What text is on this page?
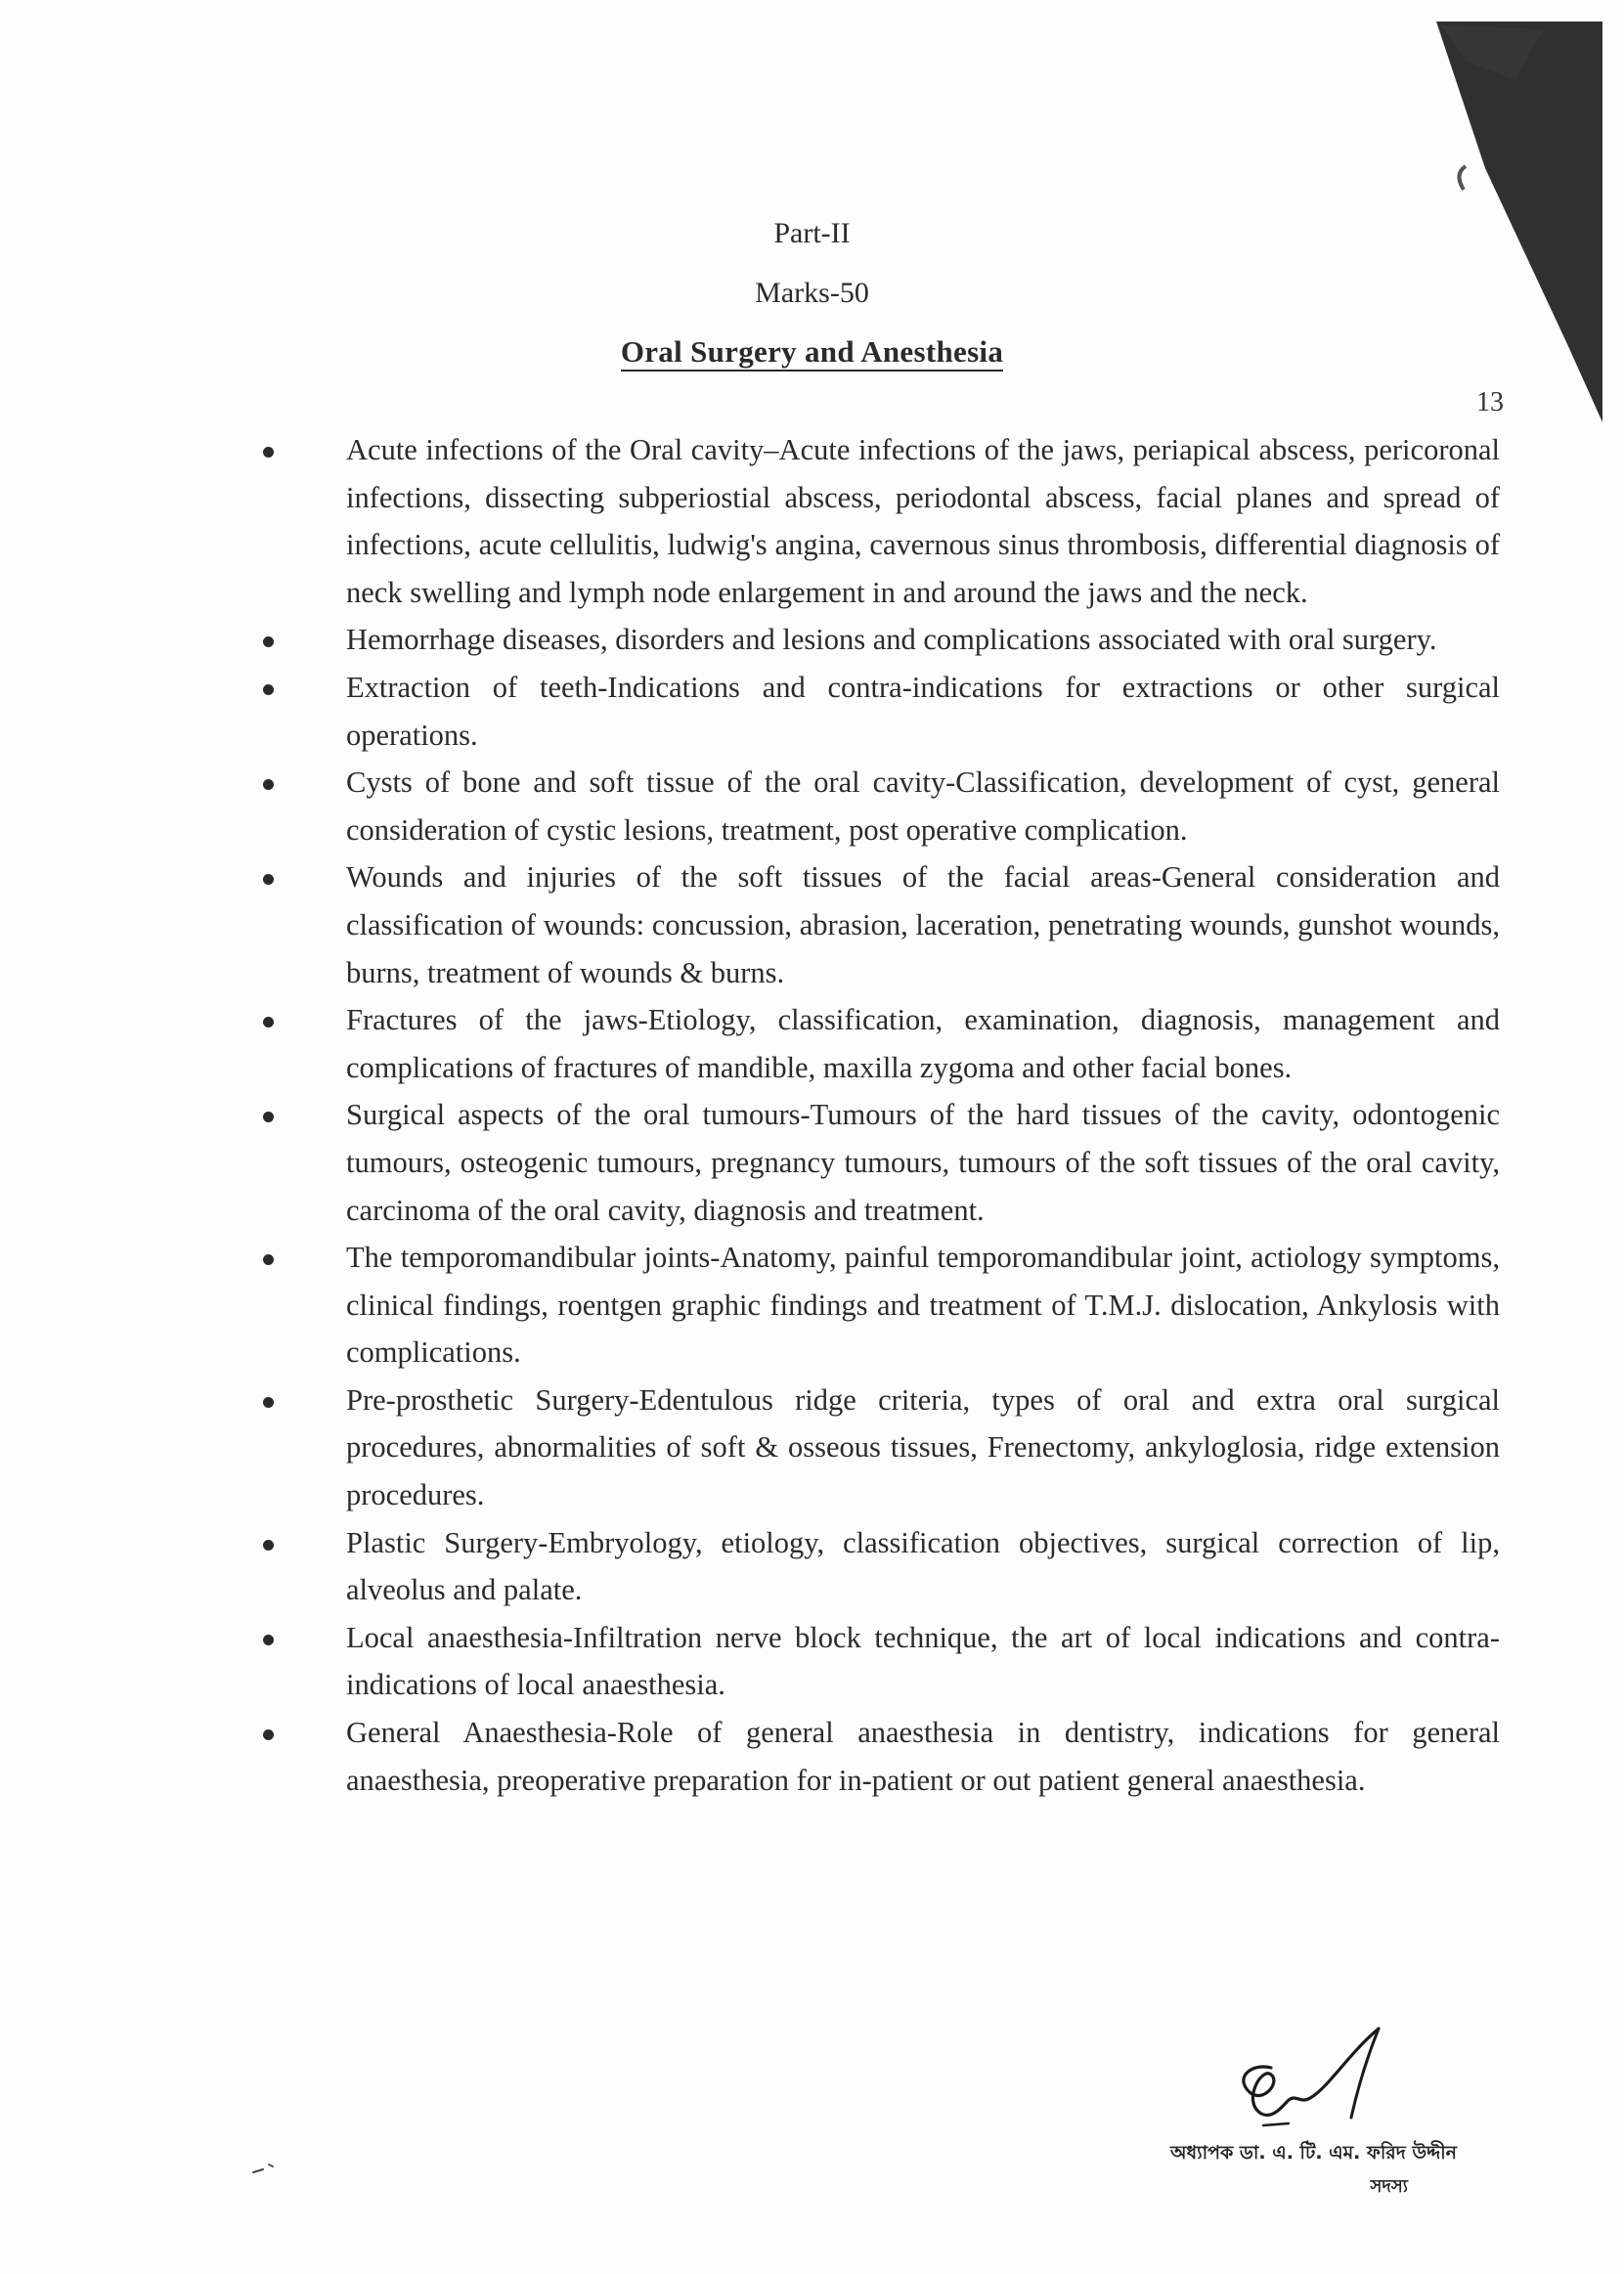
Part-II
Marks-50
Oral Surgery and Anesthesia
13
Acute infections of the Oral cavity–Acute infections of the jaws, periapical abscess, pericoronal infections, dissecting subperiostial abscess, periodontal abscess, facial planes and spread of infections, acute cellulitis, ludwig's angina, cavernous sinus thrombosis, differential diagnosis of neck swelling and lymph node enlargement in and around the jaws and the neck.
Hemorrhage diseases, disorders and lesions and complications associated with oral surgery.
Extraction of teeth-Indications and contra-indications for extractions or other surgical operations.
Cysts of bone and soft tissue of the oral cavity-Classification, development of cyst, general consideration of cystic lesions, treatment, post operative complication.
Wounds and injuries of the soft tissues of the facial areas-General consideration and classification of wounds: concussion, abrasion, laceration, penetrating wounds, gunshot wounds, burns, treatment of wounds & burns.
Fractures of the jaws-Etiology, classification, examination, diagnosis, management and complications of fractures of mandible, maxilla zygoma and other facial bones.
Surgical aspects of the oral tumours-Tumours of the hard tissues of the cavity, odontogenic tumours, osteogenic tumours, pregnancy tumours, tumours of the soft tissues of the oral cavity, carcinoma of the oral cavity, diagnosis and treatment.
The temporomandibular joints-Anatomy, painful temporomandibular joint, actiology symptoms, clinical findings, roentgen graphic findings and treatment of T.M.J. dislocation, Ankylosis with complications.
Pre-prosthetic Surgery-Edentulous ridge criteria, types of oral and extra oral surgical procedures, abnormalities of soft & osseous tissues, Frenectomy, ankyloglosia, ridge extension procedures.
Plastic Surgery-Embryology, etiology, classification objectives, surgical correction of lip, alveolus and palate.
Local anaesthesia-Infiltration nerve block technique, the art of local indications and contra-indications of local anaesthesia.
General Anaesthesia-Role of general anaesthesia in dentistry, indications for general anaesthesia, preoperative preparation for in-patient or out patient general anaesthesia.
অধ্যাপক ডা. এ. টি. এম. ফরিদ উদ্দীন
সদস্য
